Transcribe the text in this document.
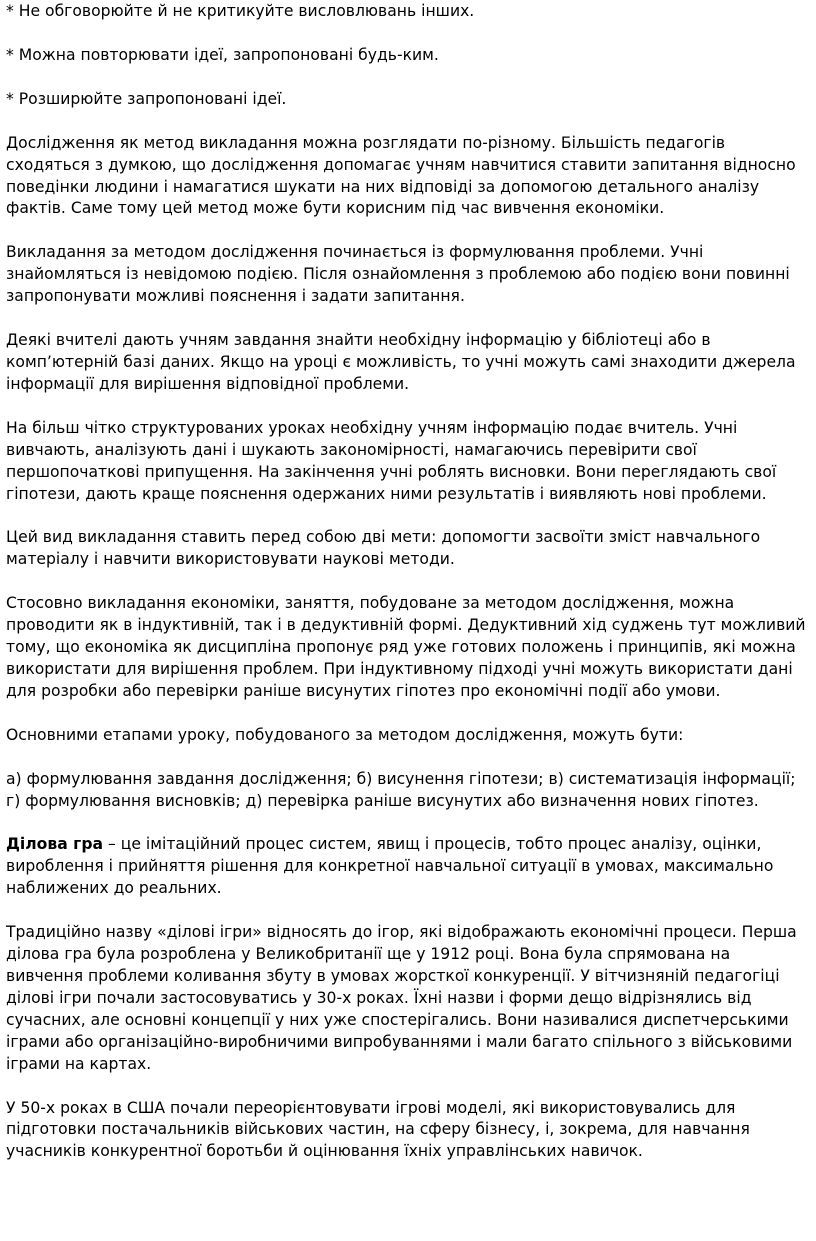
* Не обговорюйте й не критикуйте висловлювань інших.

* Можна повторювати ідеї, запропоновані будь-ким.

* Розширюйте запропоновані ідеї.

Дослідження як метод викладання можна розглядати по-різному. Більшість педагогів сходяться з думкою, що дослідження допомагає учням навчитися ставити запитання відносно поведінки людини і намагатися шукати на них відповіді за допомогою детального аналізу фактів. Саме тому цей метод може бути корисним під час вивчення економіки.

Викладання за методом дослідження починається із формулювання проблеми. Учні знайомляться із невідомою подією. Після ознайомлення з проблемою або подією вони повинні запропонувати можливі пояснення і задати запитання.

Деякі вчителі дають учням завдання знайти необхідну інформацію у бібліотеці або в комп’ютерній базі даних. Якщо на уроці є можливість, то учні можуть самі знаходити джерела інформації для вирішення відповідної проблеми.

На більш чітко структурованих уроках необхідну учням інформацію подає вчитель. Учні вивчають, аналізують дані і шукають закономірності, намагаючись перевірити свої першопочаткові припущення. На закінчення учні роблять висновки. Вони переглядають свої гіпотези, дають краще пояснення одержаних ними результатів і виявляють нові проблеми.

Цей вид викладання ставить перед собою дві мети: допомогти засвоїти зміст навчального матеріалу і навчити використовувати наукові методи.

Стосовно викладання економіки, заняття, побудоване за методом дослідження, можна проводити як в індуктивній, так і в дедуктивній формі. Дедуктивний хід суджень тут можливий тому, що економіка як дисципліна пропонує ряд уже готових положень і принципів, які можна використати для вирішення проблем. При індуктивному підході учні можуть використати дані для розробки або перевірки раніше висунутих гіпотез про економічні події або умови.

Основними етапами уроку, побудованого за методом дослідження, можуть бути:

а) формулювання завдання дослідження; б) висунення гіпотези; в) систематизація інформації; г) формулювання висновків; д) перевірка раніше висунутих або визначення нових гіпотез.

Ділова гра – це імітаційний процес систем, явищ і процесів, тобто процес аналізу, оцінки, вироблення і прийняття рішення для конкретної навчальної ситуації в умовах, максимально наближених до реальних.

Традиційно назву «ділові ігри» відносять до ігор, які відображають економічні процеси. Перша ділова гра була розроблена у Великобританії ще у 1912 році. Вона була спрямована на вивчення проблеми коливання збуту в умовах жорсткої конкуренції. У вітчизняній педагогіці ділові ігри почали застосовуватись у 30-х роках. Їхні назви і форми дещо відрізнялись від сучасних, але основні концепції у них уже спостерігались. Вони називалися диспетчерськими іграми або організаційно-виробничими випробуваннями і мали багато спільного з військовими іграми на картах.

У 50-х роках в США почали переорієнтовувати ігрові моделі, які використовувались для підготовки постачальників військових частин, на сферу бізнесу, і, зокрема, для навчання учасників конкурентної боротьби й оцінювання їхніх управлінських навичок.
